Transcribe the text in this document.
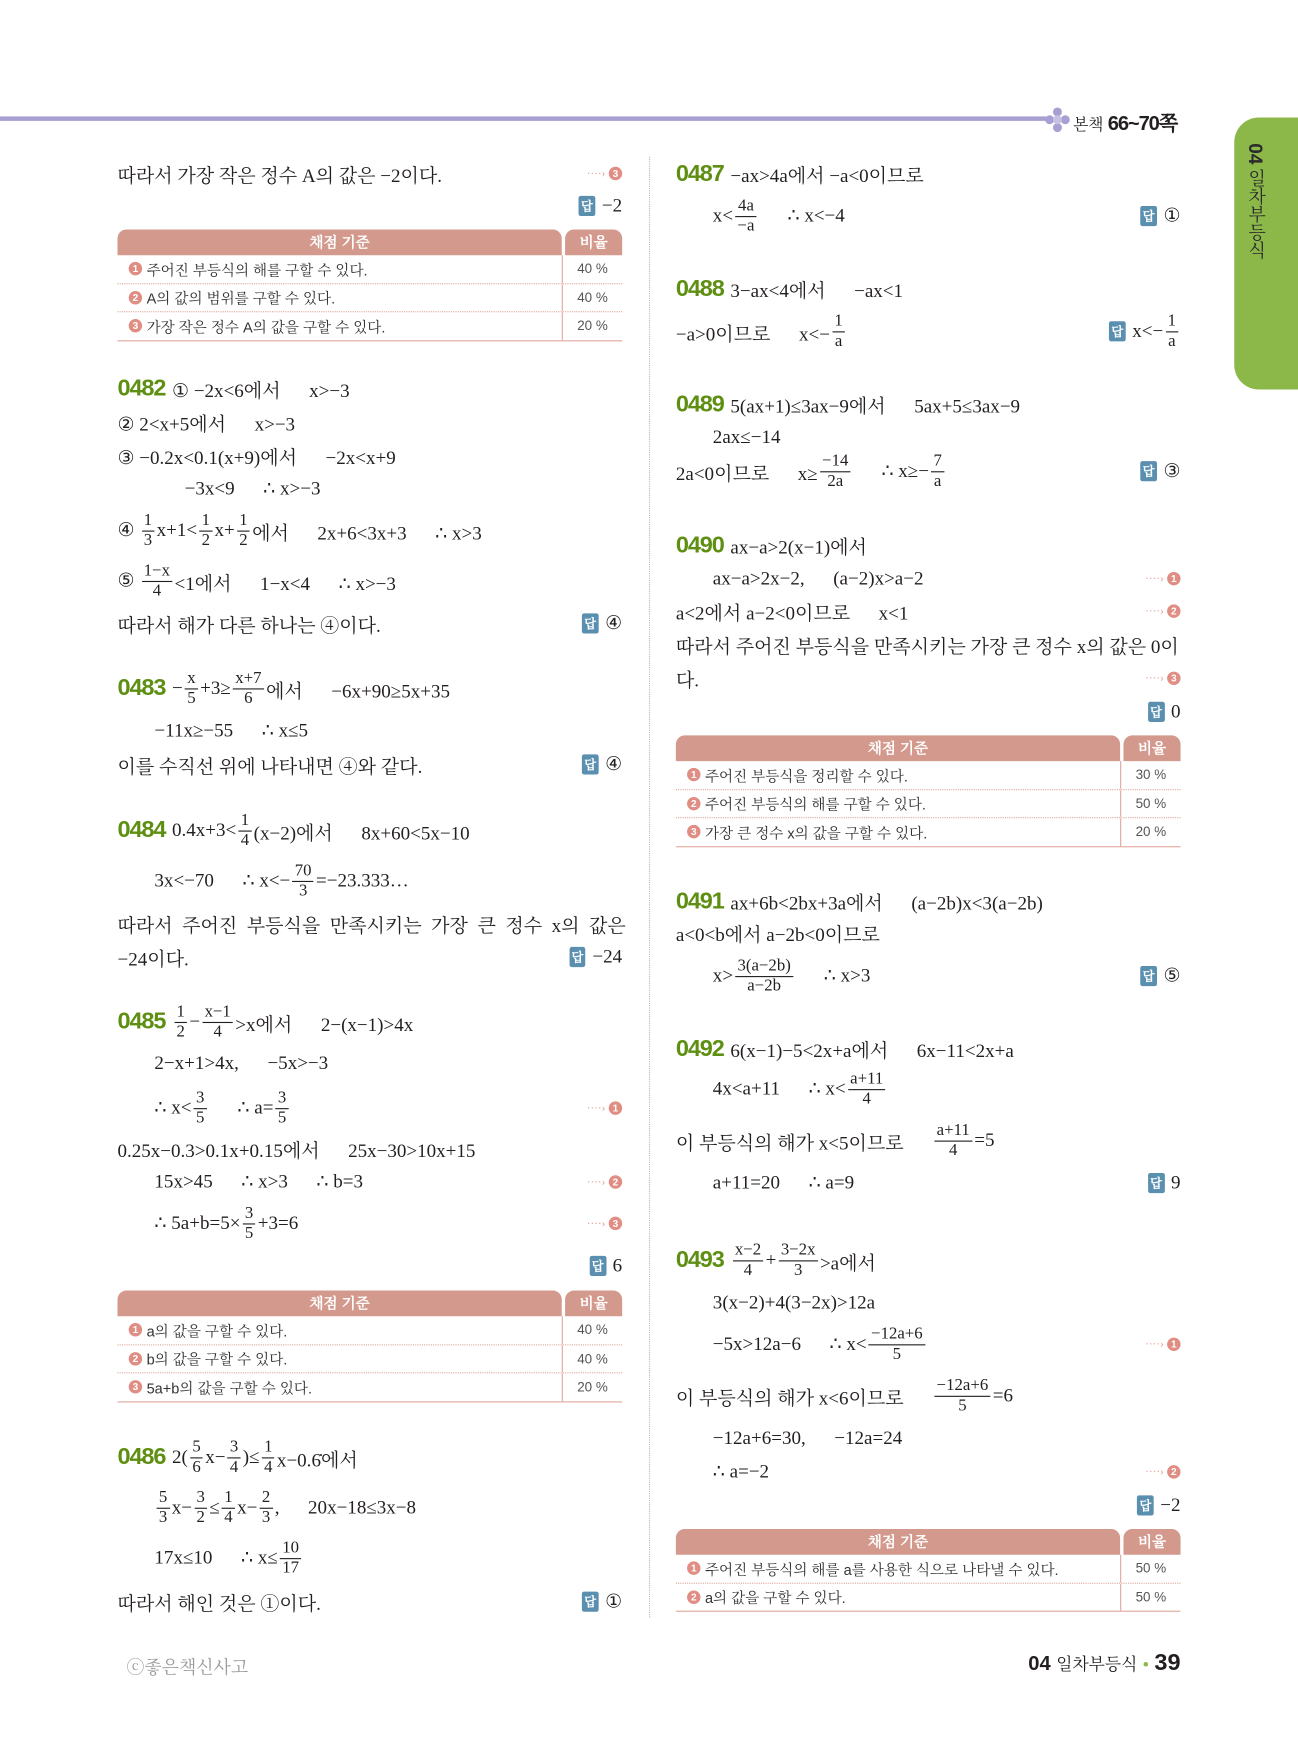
본책 66~70쪽
04 일차부등식
따라서 가장 작은 정수 A의 값은 −2이다.	····› 3
답 −2
0482 ① −2x<6에서      x>−3
② 2<x+5에서      x>−3
③ −0.2x<0.1(x+9)에서      −2x<x+9
−3x<9      ∴ x>−3
④ $\frac{1}{3} x+1< \frac{1}{2} x+ \frac{1}{2}$ 에서      2x+6<3x+3      ∴ x>3
⑤ $\frac{1-x}{4} <1$에서      1−x<4      ∴ x>−3
따라서 해가 다른 하나는 ④이다.	답 ④
$0483 - \frac{x}{5} +3\ge \frac{x+7}{6}$ 에서      −6x+90≥5x+35
−11x≥−55      ∴ x≤5
이를 수직선 위에 나타내면 ④와 같다.	답 ④
0484 $0.4x+3< \frac{1}{4} (x-2)$에서      8x+60<5x−10
3x<−70      ∴ $x<- \frac{70}{3}$ =−23.333…
따라서  주어진  부등식을  만족시키는  가장  큰  정수  x의  값은
−24이다.	답 −24
$0485 \frac{1}{2} - \frac{x-1}{4} >x$에서      2−(x−1)>4x
2−x+1>4x,      −5x>−3
∴ $x< \frac{3}{5}$ ∴ $a= \frac{3}{5}$	····› 1
0.25x−0.3>0.1x+0.15에서      25x−30>10x+15
15x>45      ∴ x>3      ∴ b=3	····› 2
∴ $5a+b=5\times \frac{3}{5} +3=6$	····› 3
답 6
0486 $2( \frac{5}{6} x- \frac{3}{4}$ )≤ $\frac{1}{4}$ x−0.6̇에서
$\frac{5}{3} x- \frac{3}{2} \le \frac{1}{4} x- \frac{2}{3}$ ,      20x−18≤3x−8
17x≤10      ∴ $x\le \frac{10}{17}$
따라서 해인 것은 ①이다.	답 ①
0487 −ax>4a에서 −a<0이므로
$x< \frac{4a}{-a}$ ∴ x<−4	답 ①
0488 3−ax<4에서      −ax<1
−a>0이므로      $x<- \frac{1}{a}$	답 $x<- \frac{1}{a}$
0489 5(ax+1)≤3ax−9에서      5ax+5≤3ax−9
2ax≤−14
2a<0이므로      $x\ge \frac{-14}{2a}$ ∴ $x\ge- \frac{7}{a}$	답 ③
0490 ax−a>2(x−1)에서
ax−a>2x−2,      (a−2)x>a−2	····› 1
a<2에서 a−2<0이므로      x<1	····› 2
따라서 주어진 부등식을 만족시키는 가장 큰 정수 x의 값은 0이
다.	····› 3
답 0
0491 ax+6b<2bx+3a에서      (a−2b)x<3(a−2b)
a<0<b에서 a−2b<0이므로
$x> \frac{3(a-2b)}{a-2b}$ ∴ x>3	답 ⑤
0492 6(x−1)−5<2x+a에서      6x−11<2x+a
4x<a+11      ∴ $x< \frac{a+11}{4}$
이 부등식의 해가 x<5이므로 $\frac{a+11}{4} =5$
a+11=20      ∴ a=9	답 9
$0493 \frac{x-2}{4} + \frac{3-2x}{3} >a$에서
3(x−2)+4(3−2x)>12a
−5x>12a−6      ∴ $x< \frac{-12a+6}{5}$	····› 1
이 부등식의 해가 x<6이므로 $\frac{-12a+6}{5} =6$
−12a+6=30,      −12a=24
∴ a=−2	····› 2
답 −2
채점 기준	비율
1 주어진 부등식의 해를 구할 수 있다.	40 %
2 A의 값의 범위를 구할 수 있다.	40 %
3 가장 작은 정수 A의 값을 구할 수 있다.	20 %
채점 기준	비율
1 a의 값을 구할 수 있다.	40 %
2 b의 값을 구할 수 있다.	40 %
3 5a+b의 값을 구할 수 있다.	20 %
채점 기준	비율
1 주어진 부등식을 정리할 수 있다.	30 %
2 주어진 부등식의 해를 구할 수 있다.	50 %
3 가장 큰 정수 x의 값을 구할 수 있다.	20 %
채점 기준	비율
1 주어진 부등식의 해를 a를 사용한 식으로 나타낼 수 있다.	50 %
2 a의 값을 구할 수 있다.	50 %
ⓒ좋은책신사고	04 일차부등식 • 39
